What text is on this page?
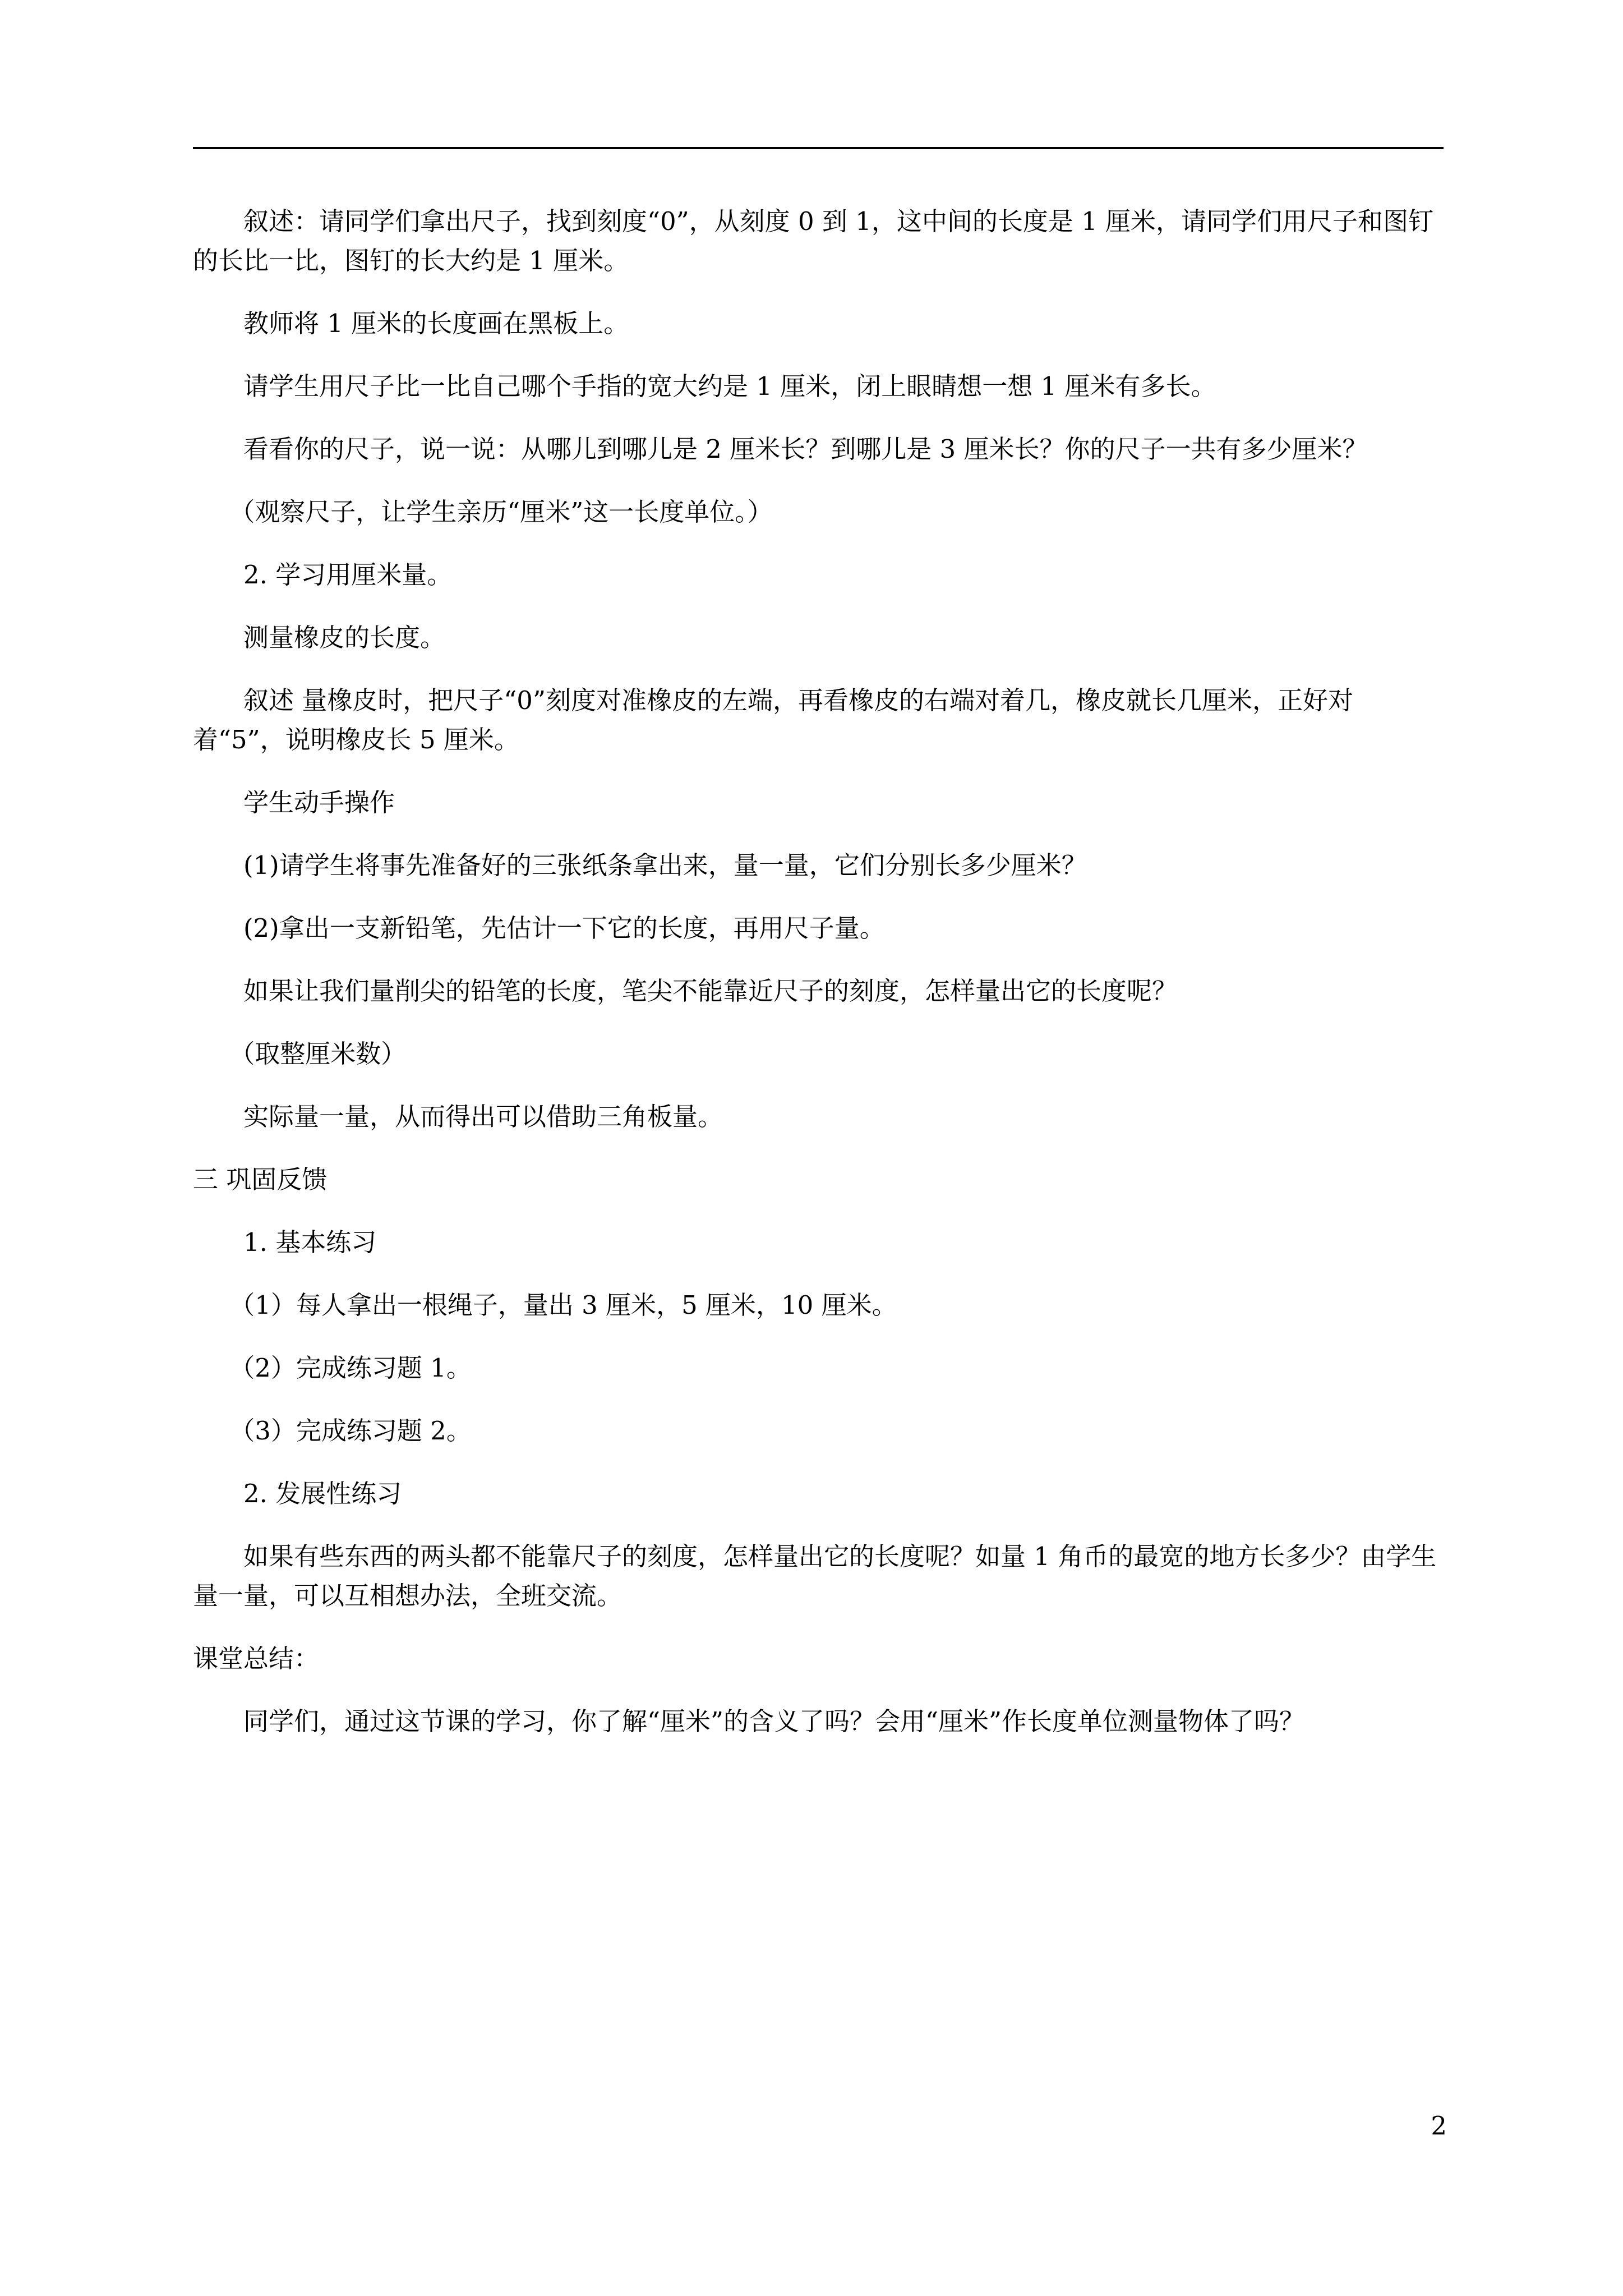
叙述：请同学们拿出尺子，找到刻度“0”，从刻度 0 到 1，这中间的长度是 1 厘米，请同学们用尺子和图钉的长比一比，图钉的长大约是 1 厘米。

教师将 1 厘米的长度画在黑板上。

请学生用尺子比一比自己哪个手指的宽大约是 1 厘米，闭上眼睛想一想 1 厘米有多长。

看看你的尺子，说一说：从哪儿到哪儿是 2 厘米长？到哪儿是 3 厘米长？你的尺子一共有多少厘米？

（观察尺子，让学生亲历“厘米”这一长度单位。）

2. 学习用厘米量。

测量橡皮的长度。

叙述 量橡皮时，把尺子“0”刻度对准橡皮的左端，再看橡皮的右端对着几，橡皮就长几厘米，正好对着“5”，说明橡皮长 5 厘米。

学生动手操作

(1)请学生将事先准备好的三张纸条拿出来，量一量，它们分别长多少厘米？

(2)拿出一支新铅笔，先估计一下它的长度，再用尺子量。

如果让我们量削尖的铅笔的长度，笔尖不能靠近尺子的刻度，怎样量出它的长度呢？

（取整厘米数）

实际量一量，从而得出可以借助三角板量。

三 巩固反馈

1. 基本练习

（1）每人拿出一根绳子，量出 3 厘米，5 厘米，10 厘米。

（2）完成练习题 1。

（3）完成练习题 2。

2. 发展性练习

如果有些东西的两头都不能靠尺子的刻度，怎样量出它的长度呢？如量 1 角币的最宽的地方长多少？由学生量一量，可以互相想办法，全班交流。

课堂总结：

同学们，通过这节课的学习，你了解“厘米”的含义了吗？会用“厘米”作长度单位测量物体了吗？

2
